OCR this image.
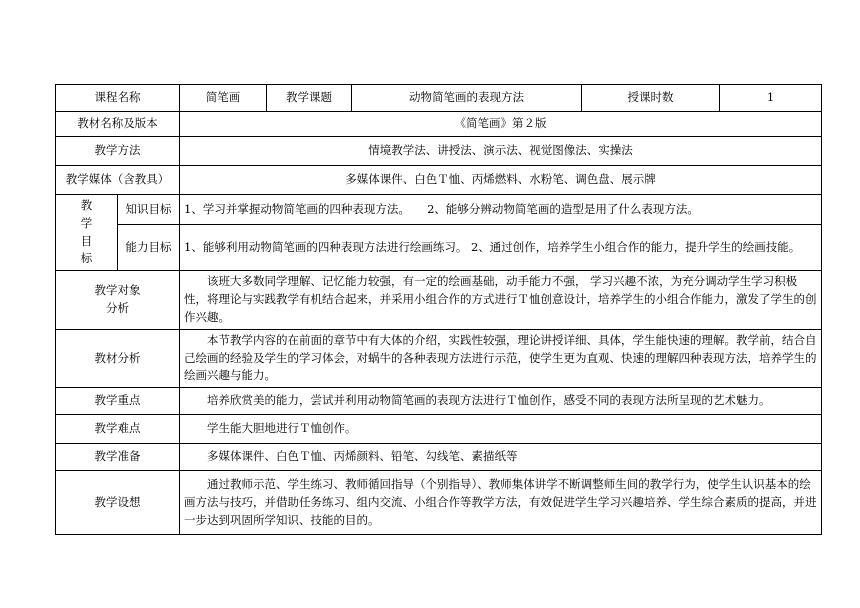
课程名称		简笔画	教学课题	动物简笔画的表现方法	授课时数	1
教材名称及版本		《简笔画》第２版				
教学方法		情境教学法、讲授法、演示法、视觉图像法、实操法				
教学媒体（含教具）		多媒体课件、白色Ｔ恤、丙烯燃料、水粉笔、调色盘、展示牌				

教
学
目
标	知识目标	1、学习并掌握动物简笔画的四种表现方法。　　2、能够分辨动物简笔画的造型是用了什么表现方法。				
	能力目标	1、能够利用动物简笔画的四种表现方法进行绘画练习。 2、通过创作，培养学生小组合作的能力，提升学生的绘画技能。				

教学对象
分析		该班大多数同学理解、记忆能力较强，有一定的绘画基础，动手能力不强， 学习兴趣不浓，为充分调动学生学习积极性，将理论与实践教学有机结合起来，并采用小组合作的方式进行Ｔ恤创意设计，培养学生的小组合作能力，激发了学生的创作兴趣。				
教材分析		本节教学内容的在前面的章节中有大体的介绍，实践性较强，理论讲授详细、具体，学生能快速的理解。教学前，结合自己绘画的经验及学生的学习体会，对蜗牛的各种表现方法进行示范，使学生更为直观、快速的理解四种表现方法，培养学生的绘画兴趣与能力。				
教学重点		培养欣赏美的能力，尝试并利用动物简笔画的表现方法进行Ｔ恤创作，感受不同的表现方法所呈现的艺术魅力。				
教学难点		学生能大胆地进行Ｔ恤创作。				
教学准备		多媒体课件、白色Ｔ恤、丙烯颜料、铅笔、勾线笔、素描纸等				
教学设想		通过教师示范、学生练习、教师循回指导（个别指导）、教师集体讲学不断调整师生间的教学行为，使学生认识基本的绘画方法与技巧，并借助任务练习、组内交流、小组合作等教学方法，有效促进学生学习兴趣培养、学生综合素质的提高，并进一步达到巩固所学知识、技能的目的。				
